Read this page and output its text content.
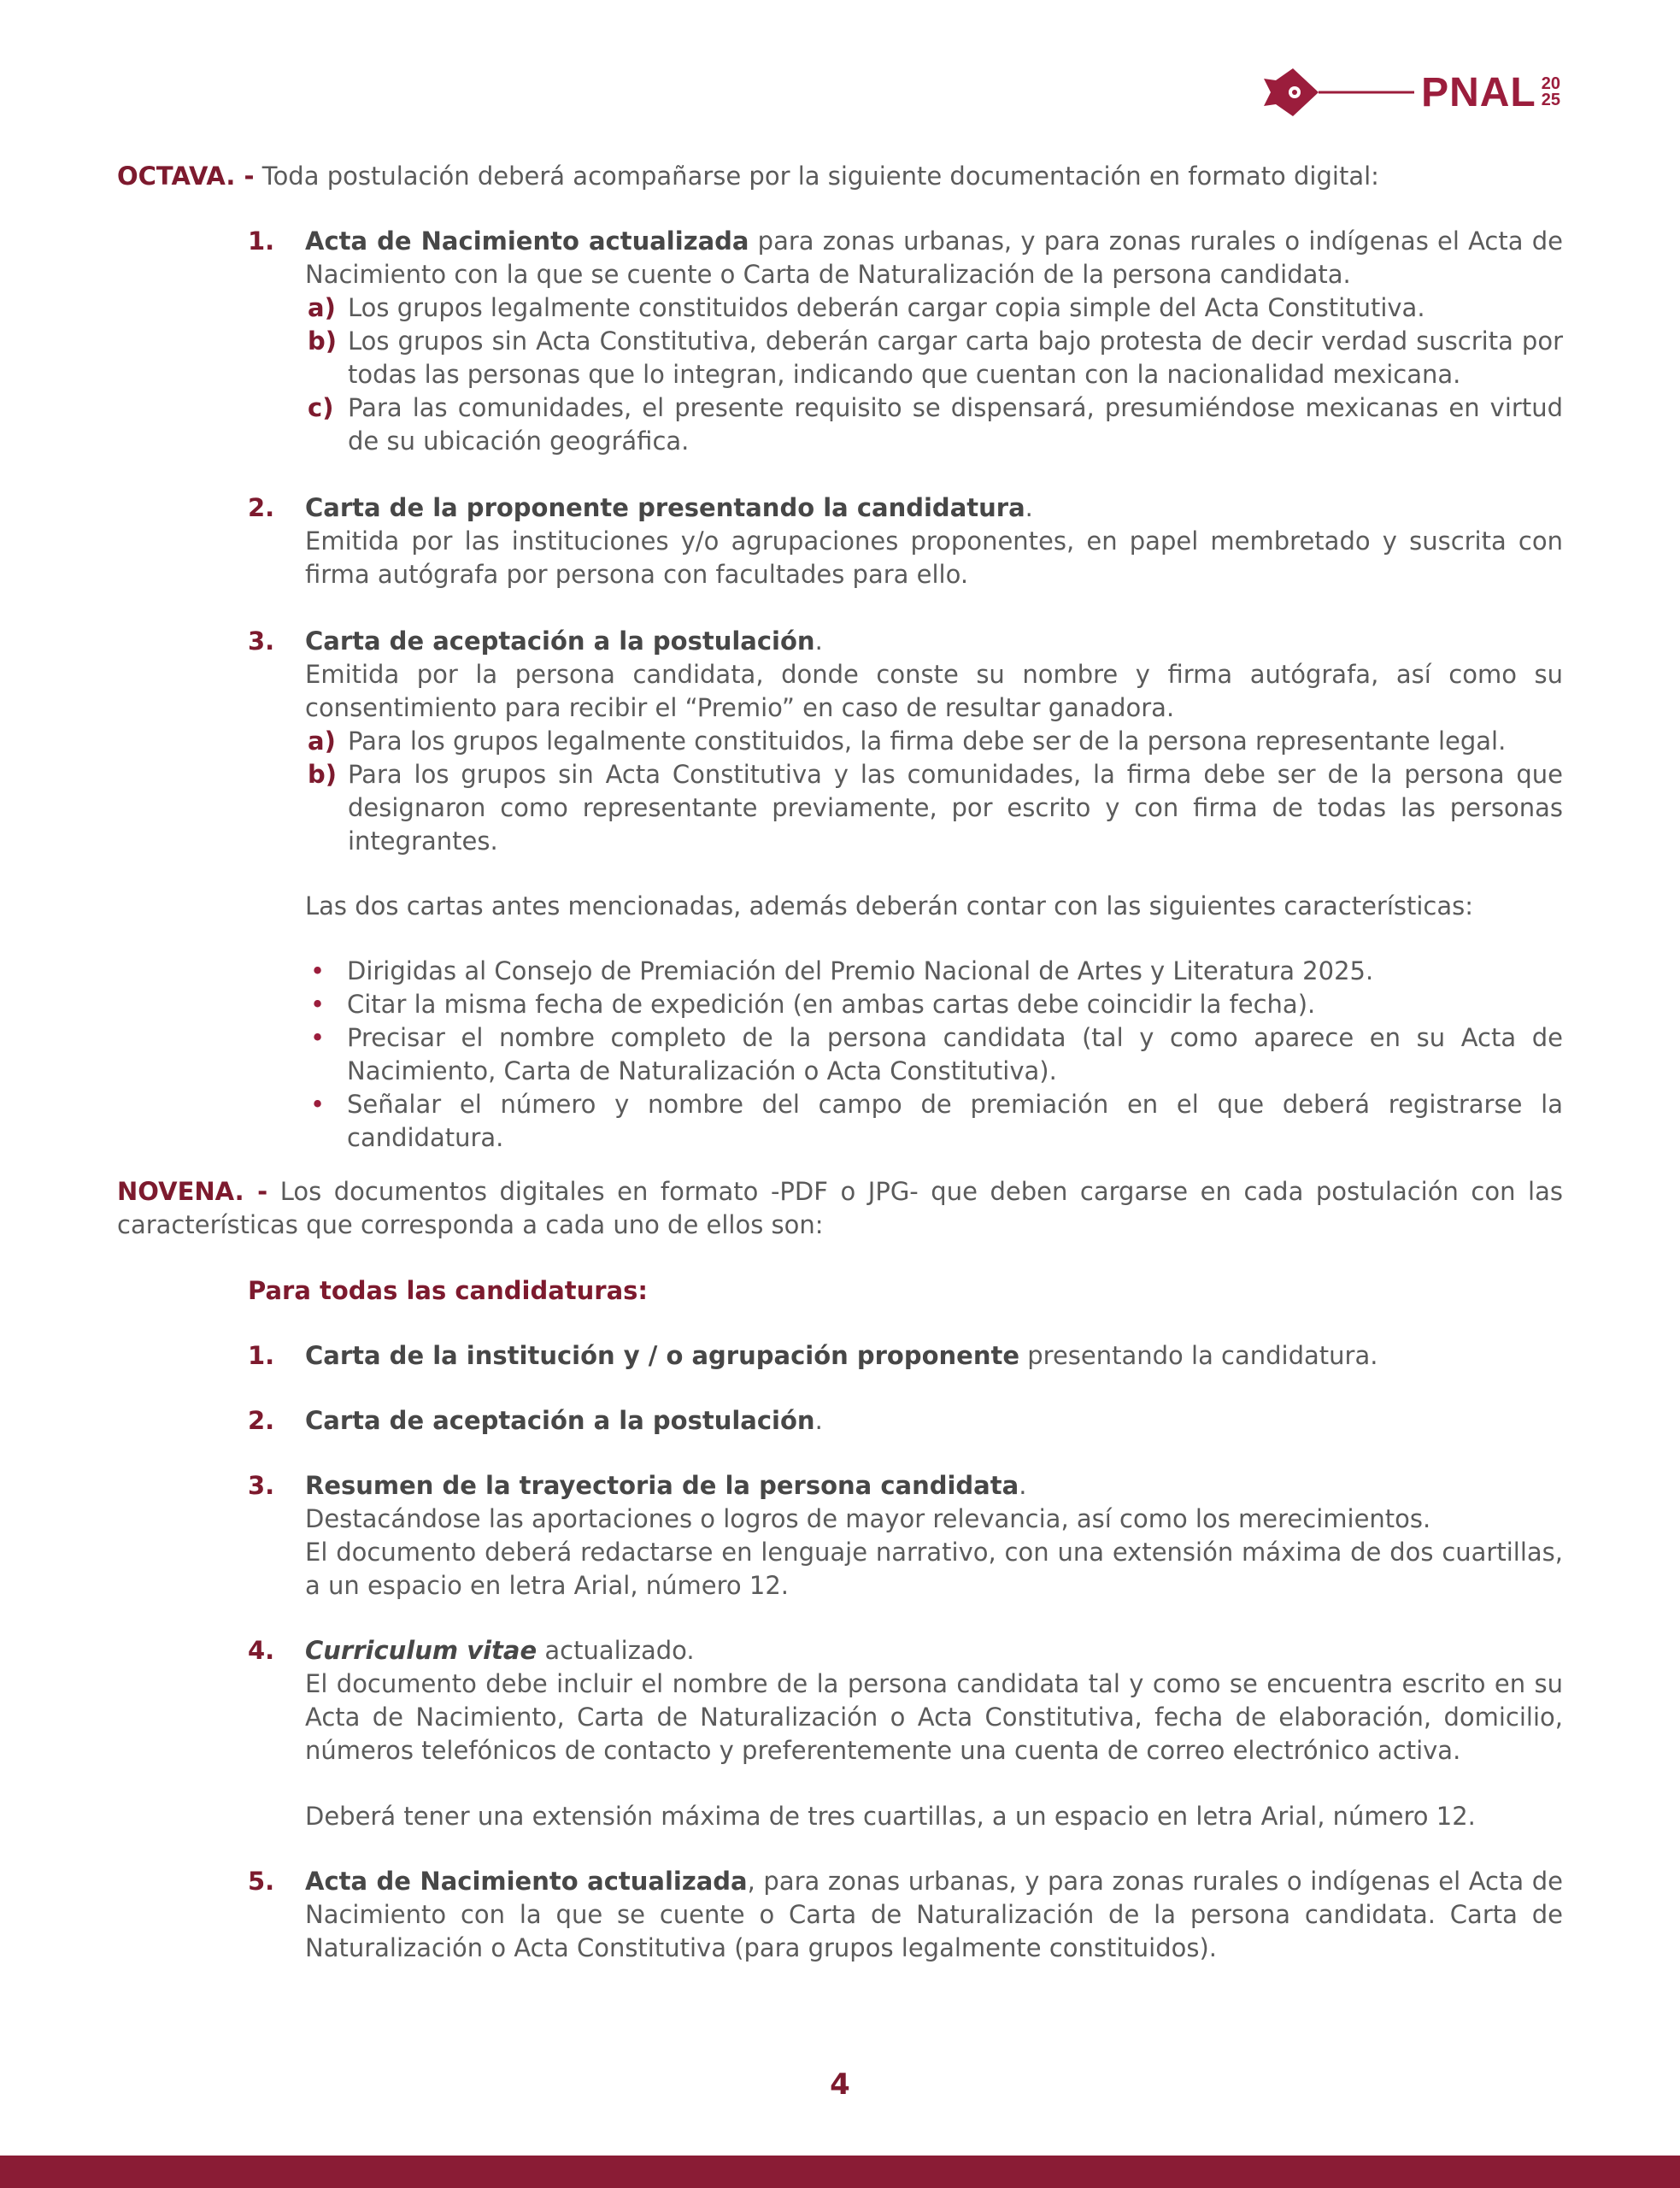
PNAL 20
25

OCTAVA. - Toda postulación deberá acompañarse por la siguiente documentación en formato digital:

1. Acta de Nacimiento actualizada para zonas urbanas, y para zonas rurales o indígenas el Acta de Nacimiento con la que se cuente o Carta de Naturalización de la persona candidata.
a) Los grupos legalmente constituidos deberán cargar copia simple del Acta Constitutiva.
b) Los grupos sin Acta Constitutiva, deberán cargar carta bajo protesta de decir verdad suscrita por todas las personas que lo integran, indicando que cuentan con la nacionalidad mexicana.
c) Para las comunidades, el presente requisito se dispensará, presumiéndose mexicanas en virtud de su ubicación geográfica.
2. Carta de la proponente presentando la candidatura.
Emitida por las instituciones y/o agrupaciones proponentes, en papel membretado y suscrita con firma autógrafa por persona con facultades para ello.
3. Carta de aceptación a la postulación.
Emitida por la persona candidata, donde conste su nombre y firma autógrafa, así como su consentimiento para recibir el “Premio” en caso de resultar ganadora.
a) Para los grupos legalmente constituidos, la firma debe ser de la persona representante legal.
b) Para los grupos sin Acta Constitutiva y las comunidades, la firma debe ser de la persona que designaron como representante previamente, por escrito y con firma de todas las personas integrantes.
Las dos cartas antes mencionadas, además deberán contar con las siguientes características:
• Dirigidas al Consejo de Premiación del Premio Nacional de Artes y Literatura 2025.
• Citar la misma fecha de expedición (en ambas cartas debe coincidir la fecha).
• Precisar el nombre completo de la persona candidata (tal y como aparece en su Acta de Nacimiento, Carta de Naturalización o Acta Constitutiva).
• Señalar el número y nombre del campo de premiación en el que deberá registrarse la candidatura.

NOVENA. - Los documentos digitales en formato -PDF o JPG- que deben cargarse en cada postulación con las características que corresponda a cada uno de ellos son:

Para todas las candidaturas:
1. Carta de la institución y / o agrupación proponente presentando la candidatura.
2. Carta de aceptación a la postulación.
3. Resumen de la trayectoria de la persona candidata.
Destacándose las aportaciones o logros de mayor relevancia, así como los merecimientos.
El documento deberá redactarse en lenguaje narrativo, con una extensión máxima de dos cuartillas, a un espacio en letra Arial, número 12.
4. Curriculum vitae actualizado.
El documento debe incluir el nombre de la persona candidata tal y como se encuentra escrito en su Acta de Nacimiento, Carta de Naturalización o Acta Constitutiva, fecha de elaboración, domicilio, números telefónicos de contacto y preferentemente una cuenta de correo electrónico activa.
Deberá tener una extensión máxima de tres cuartillas, a un espacio en letra Arial, número 12.
5. Acta de Nacimiento actualizada, para zonas urbanas, y para zonas rurales o indígenas el Acta de Nacimiento con la que se cuente o Carta de Naturalización de la persona candidata. Carta de Naturalización o Acta Constitutiva (para grupos legalmente constituidos).
4
